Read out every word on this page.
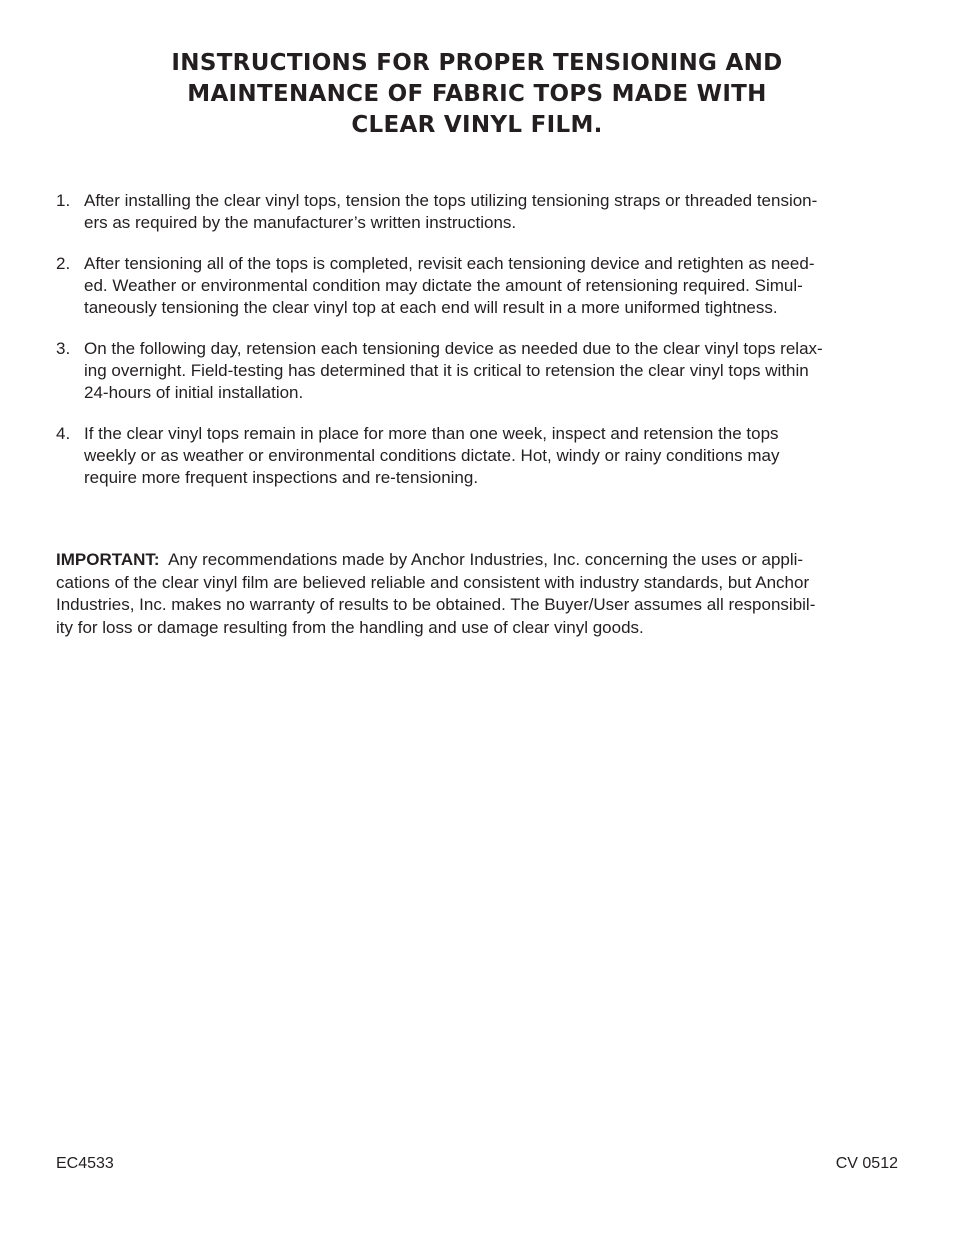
INSTRUCTIONS FOR PROPER TENSIONING AND
MAINTENANCE OF FABRIC TOPS MADE WITH
CLEAR VINYL FILM.
1. After installing the clear vinyl tops, tension the tops utilizing tensioning straps or threaded tension-
ers as required by the manufacturer’s written instructions.
2. After tensioning all of the tops is completed, revisit each tensioning device and retighten as need-
ed. Weather or environmental condition may dictate the amount of retensioning required. Simul-
taneously tensioning the clear vinyl top at each end will result in a more uniformed tightness.
3. On the following day, retension each tensioning device as needed due to the clear vinyl tops relax-
ing overnight. Field-testing has determined that it is critical to retension the clear vinyl tops within
24-hours of initial installation.
4. If the clear vinyl tops remain in place for more than one week, inspect and retension the tops
weekly or as weather or environmental conditions dictate. Hot, windy or rainy conditions may
require more frequent inspections and re-tensioning.
IMPORTANT:  Any recommendations made by Anchor Industries, Inc. concerning the uses or appli-
cations of the clear vinyl film are believed reliable and consistent with industry standards, but Anchor
Industries, Inc. makes no warranty of results to be obtained. The Buyer/User assumes all responsibil-
ity for loss or damage resulting from the handling and use of clear vinyl goods.
EC4533	CV 0512
